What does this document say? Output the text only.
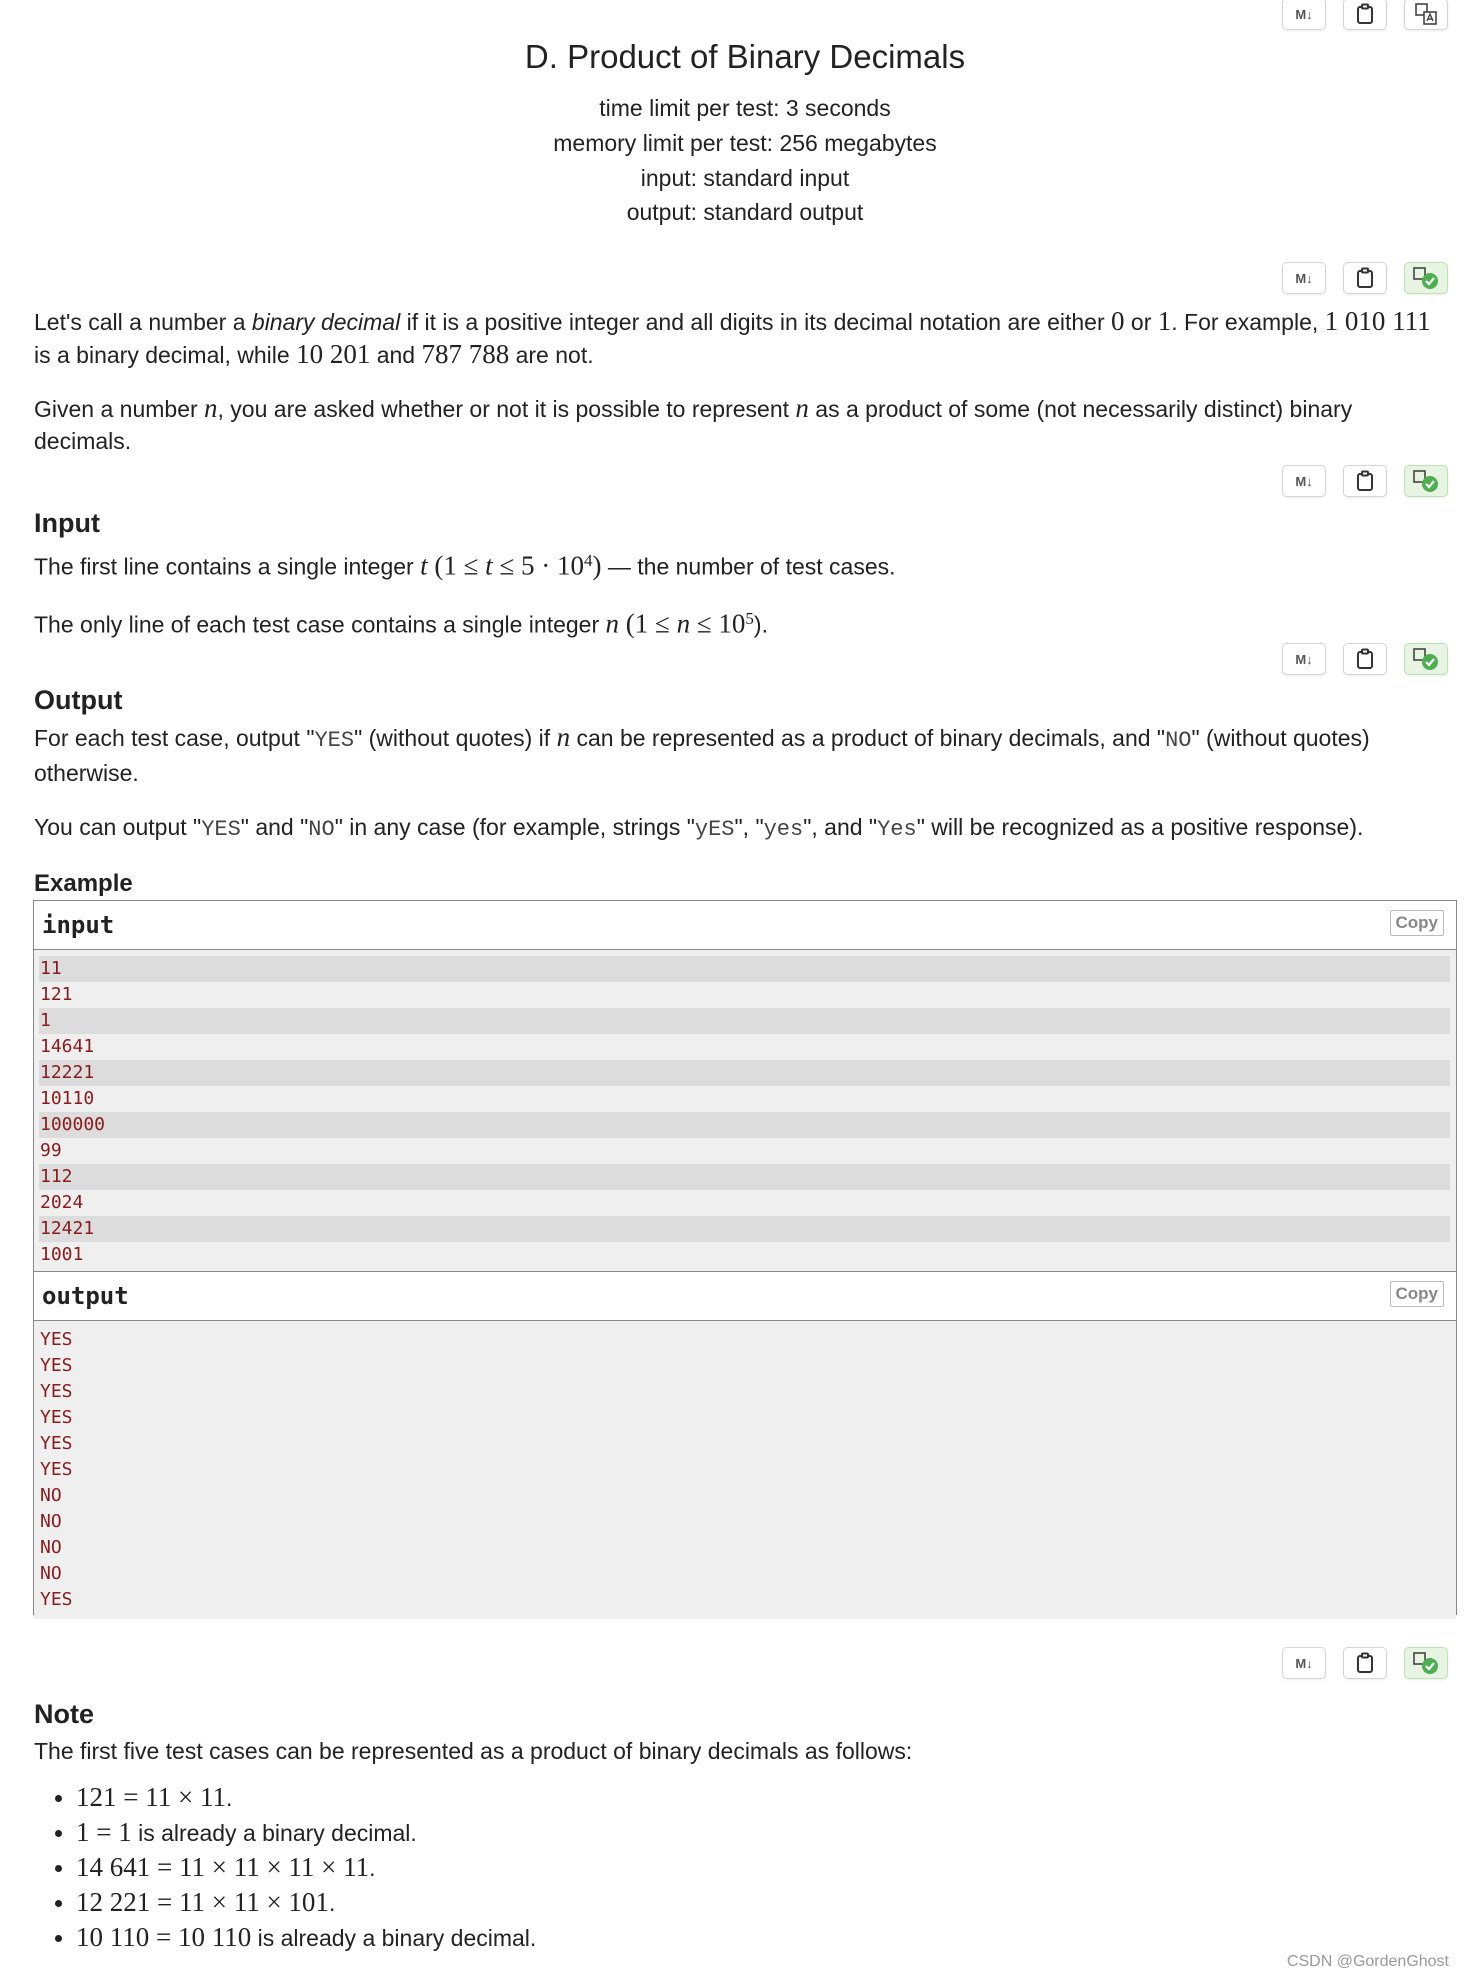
M↓
D. Product of Binary Decimals
time limit per test: 3 seconds
memory limit per test: 256 megabytes
input: standard input
output: standard output
M↓
Let's call a number a binary decimal if it is a positive integer and all digits in its decimal notation are either 0 or 1. For example, 1 010 111
is a binary decimal, while 10 201 and 787 788 are not.
Given a number n, you are asked whether or not it is possible to represent n as a product of some (not necessarily distinct) binary decimals.
M↓
Input
The first line contains a single integer t $(1 \le t \le 5 \cdot 10^4)$ — the number of test cases.
The only line of each test case contains a single integer n $(1 \le n \le 10^5)$.
M↓
Output
For each test case, output "YES" (without quotes) if n can be represented as a product of binary decimals, and "NO" (without quotes) otherwise.
You can output "YES" and "NO" in any case (for example, strings "yES", "yes", and "Yes" will be recognized as a positive response).
Example
input	Copy
11
121
1
14641
12221
10110
100000
99
112
2024
12421
1001
output	Copy
YES
YES
YES
YES
YES
YES
NO
NO
NO
NO
YES
M↓
Note
The first five test cases can be represented as a product of binary decimals as follows:
• 121 = 11 × 11.
• 1 = 1 is already a binary decimal.
• 14 641 = 11 × 11 × 11 × 11.
• 12 221 = 11 × 11 × 101.
• 10 110 = 10 110 is already a binary decimal.
CSDN @GordenGhost
